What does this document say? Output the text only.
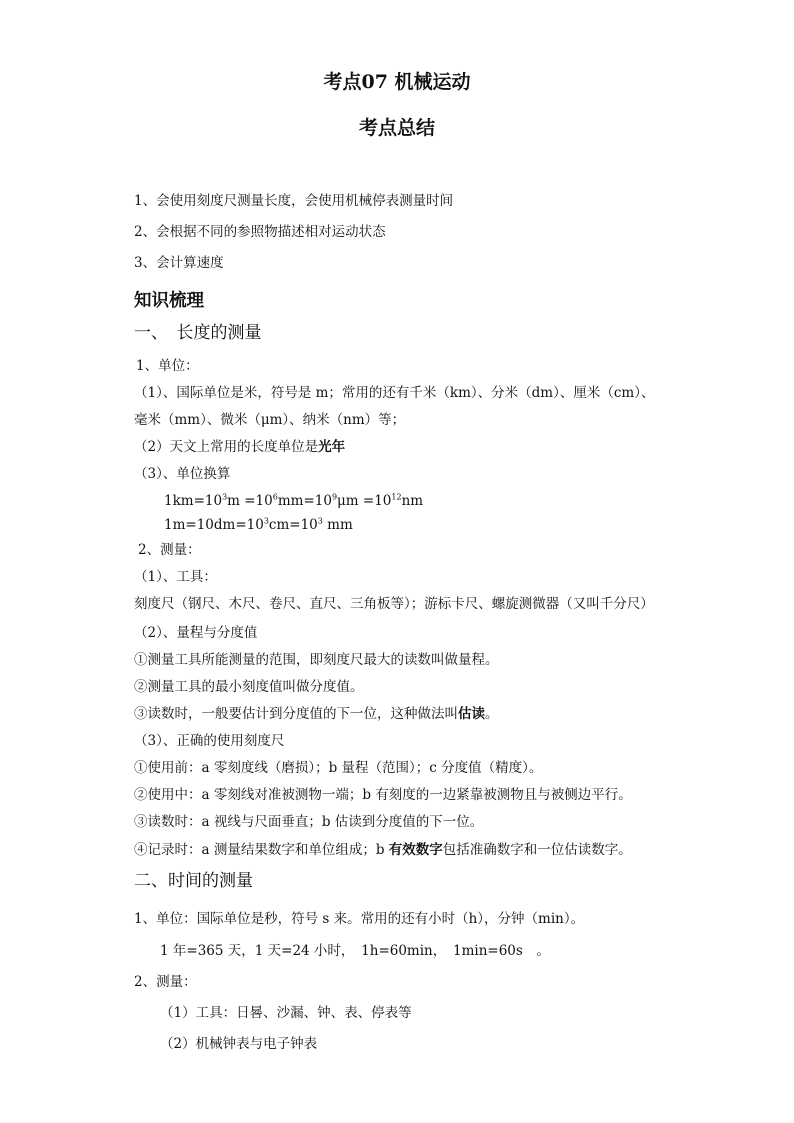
考点07 机械运动
考点总结
1、会使用刻度尺测量长度，会使用机械停表测量时间
2、会根据不同的参照物描述相对运动状态
3、会计算速度
知识梳理
一、　长度的测量
1、单位：
（1）、国际单位是米，符号是 m；常用的还有千米（km）、分米（dm）、厘米（cm）、
毫米（mm）、微米（μm）、纳米（nm）等；
（2）天文上常用的长度单位是光年
（3）、单位换算
$1km=10^3m =10^6mm=10^9\mu m =10^{12}nm$
$1m=10dm=10^3cm=10^3$ mm
2、测量：
（1）、工具：
刻度尺（钢尺、木尺、卷尺、直尺、三角板等）；游标卡尺、螺旋测微器（又叫千分尺）
（2）、量程与分度值
①测量工具所能测量的范围，即刻度尺最大的读数叫做量程。
②测量工具的最小刻度值叫做分度值。
③读数时，一般要估计到分度值的下一位，这种做法叫估读。
（3）、正确的使用刻度尺
①使用前：a 零刻度线（磨损）；b 量程（范围）；c 分度值（精度）。
②使用中：a 零刻线对准被测物一端；b 有刻度的一边紧靠被测物且与被侧边平行。
③读数时：a 视线与尺面垂直；b 估读到分度值的下一位。
④记录时：a 测量结果数字和单位组成；b 有效数字包括准确数字和一位估读数字。
二、时间的测量
1、单位：国际单位是秒，符号 s 来。常用的还有小时（h），分钟（min）。
1 年=365 天，1 天=24 小时，　1h=60min，　1min=60s　。
2、测量：
（1）工具：日晷、沙漏、钟、表、停表等
（2）机械钟表与电子钟表
